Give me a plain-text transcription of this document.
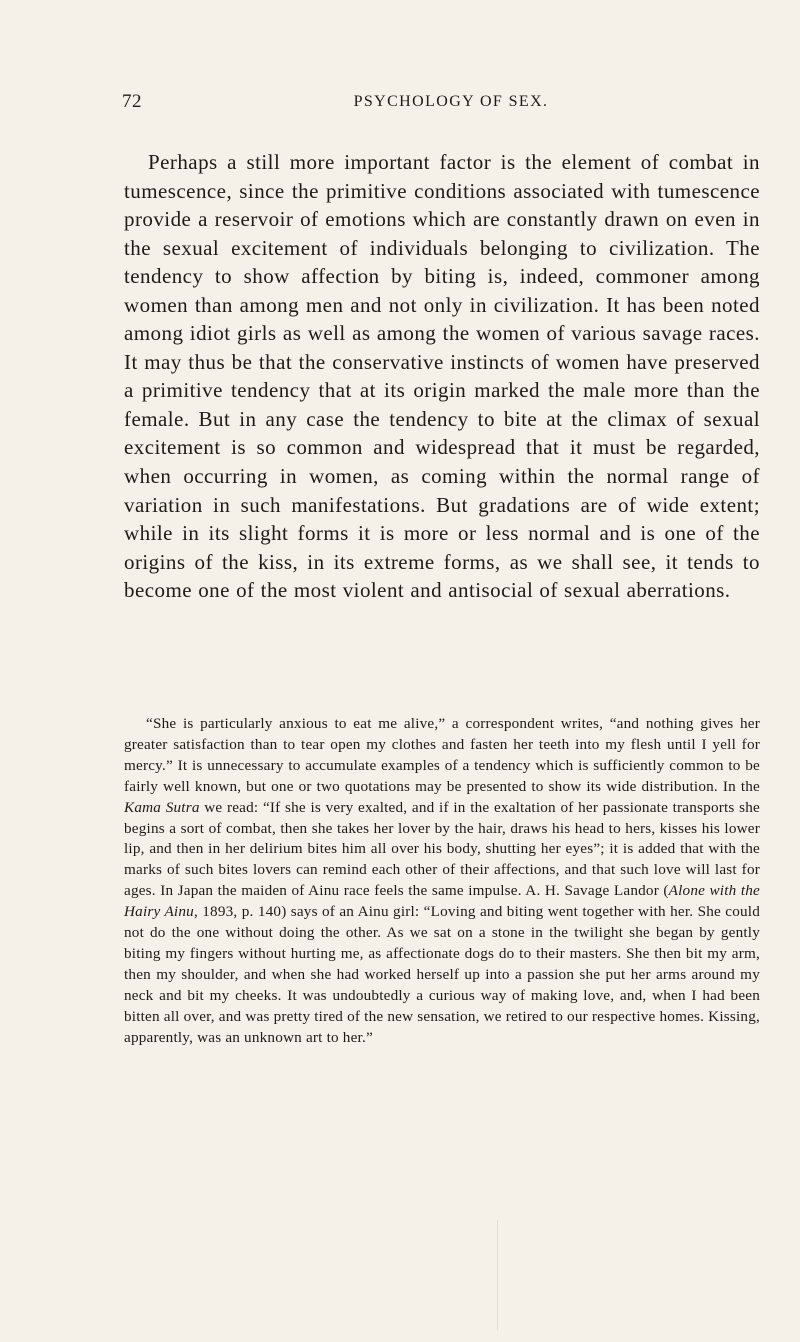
72	PSYCHOLOGY OF SEX.

Perhaps a still more important factor is the element of combat in tumescence, since the primitive conditions associated with tumescence provide a reservoir of emotions which are constantly drawn on even in the sexual excitement of individuals belonging to civilization. The tendency to show affection by biting is, indeed, commoner among women than among men and not only in civilization. It has been noted among idiot girls as well as among the women of various savage races. It may thus be that the conservative instincts of women have preserved a primitive tendency that at its origin marked the male more than the female. But in any case the tendency to bite at the climax of sexual excitement is so common and widespread that it must be regarded, when occurring in women, as coming within the normal range of variation in such manifestations. But gradations are of wide extent; while in its slight forms it is more or less normal and is one of the origins of the kiss, in its extreme forms, as we shall see, it tends to become one of the most violent and antisocial of sexual aberrations.

“She is particularly anxious to eat me alive,” a correspondent writes, “and nothing gives her greater satisfaction than to tear open my clothes and fasten her teeth into my flesh until I yell for mercy.” It is unnecessary to accumulate examples of a tendency which is sufficiently common to be fairly well known, but one or two quotations may be presented to show its wide distribution. In the Kama Sutra we read: “If she is very exalted, and if in the exaltation of her passionate transports she begins a sort of combat, then she takes her lover by the hair, draws his head to hers, kisses his lower lip, and then in her delirium bites him all over his body, shutting her eyes”; it is added that with the marks of such bites lovers can remind each other of their affections, and that such love will last for ages. In Japan the maiden of Ainu race feels the same impulse. A. H. Savage Landor (Alone with the Hairy Ainu, 1893, p. 140) says of an Ainu girl: “Loving and biting went together with her. She could not do the one without doing the other. As we sat on a stone in the twilight she began by gently biting my fingers without hurting me, as affectionate dogs do to their masters. She then bit my arm, then my shoulder, and when she had worked herself up into a passion she put her arms around my neck and bit my cheeks. It was undoubtedly a curious way of making love, and, when I had been bitten all over, and was pretty tired of the new sensation, we retired to our respective homes. Kissing, apparently, was an unknown art to her.”
